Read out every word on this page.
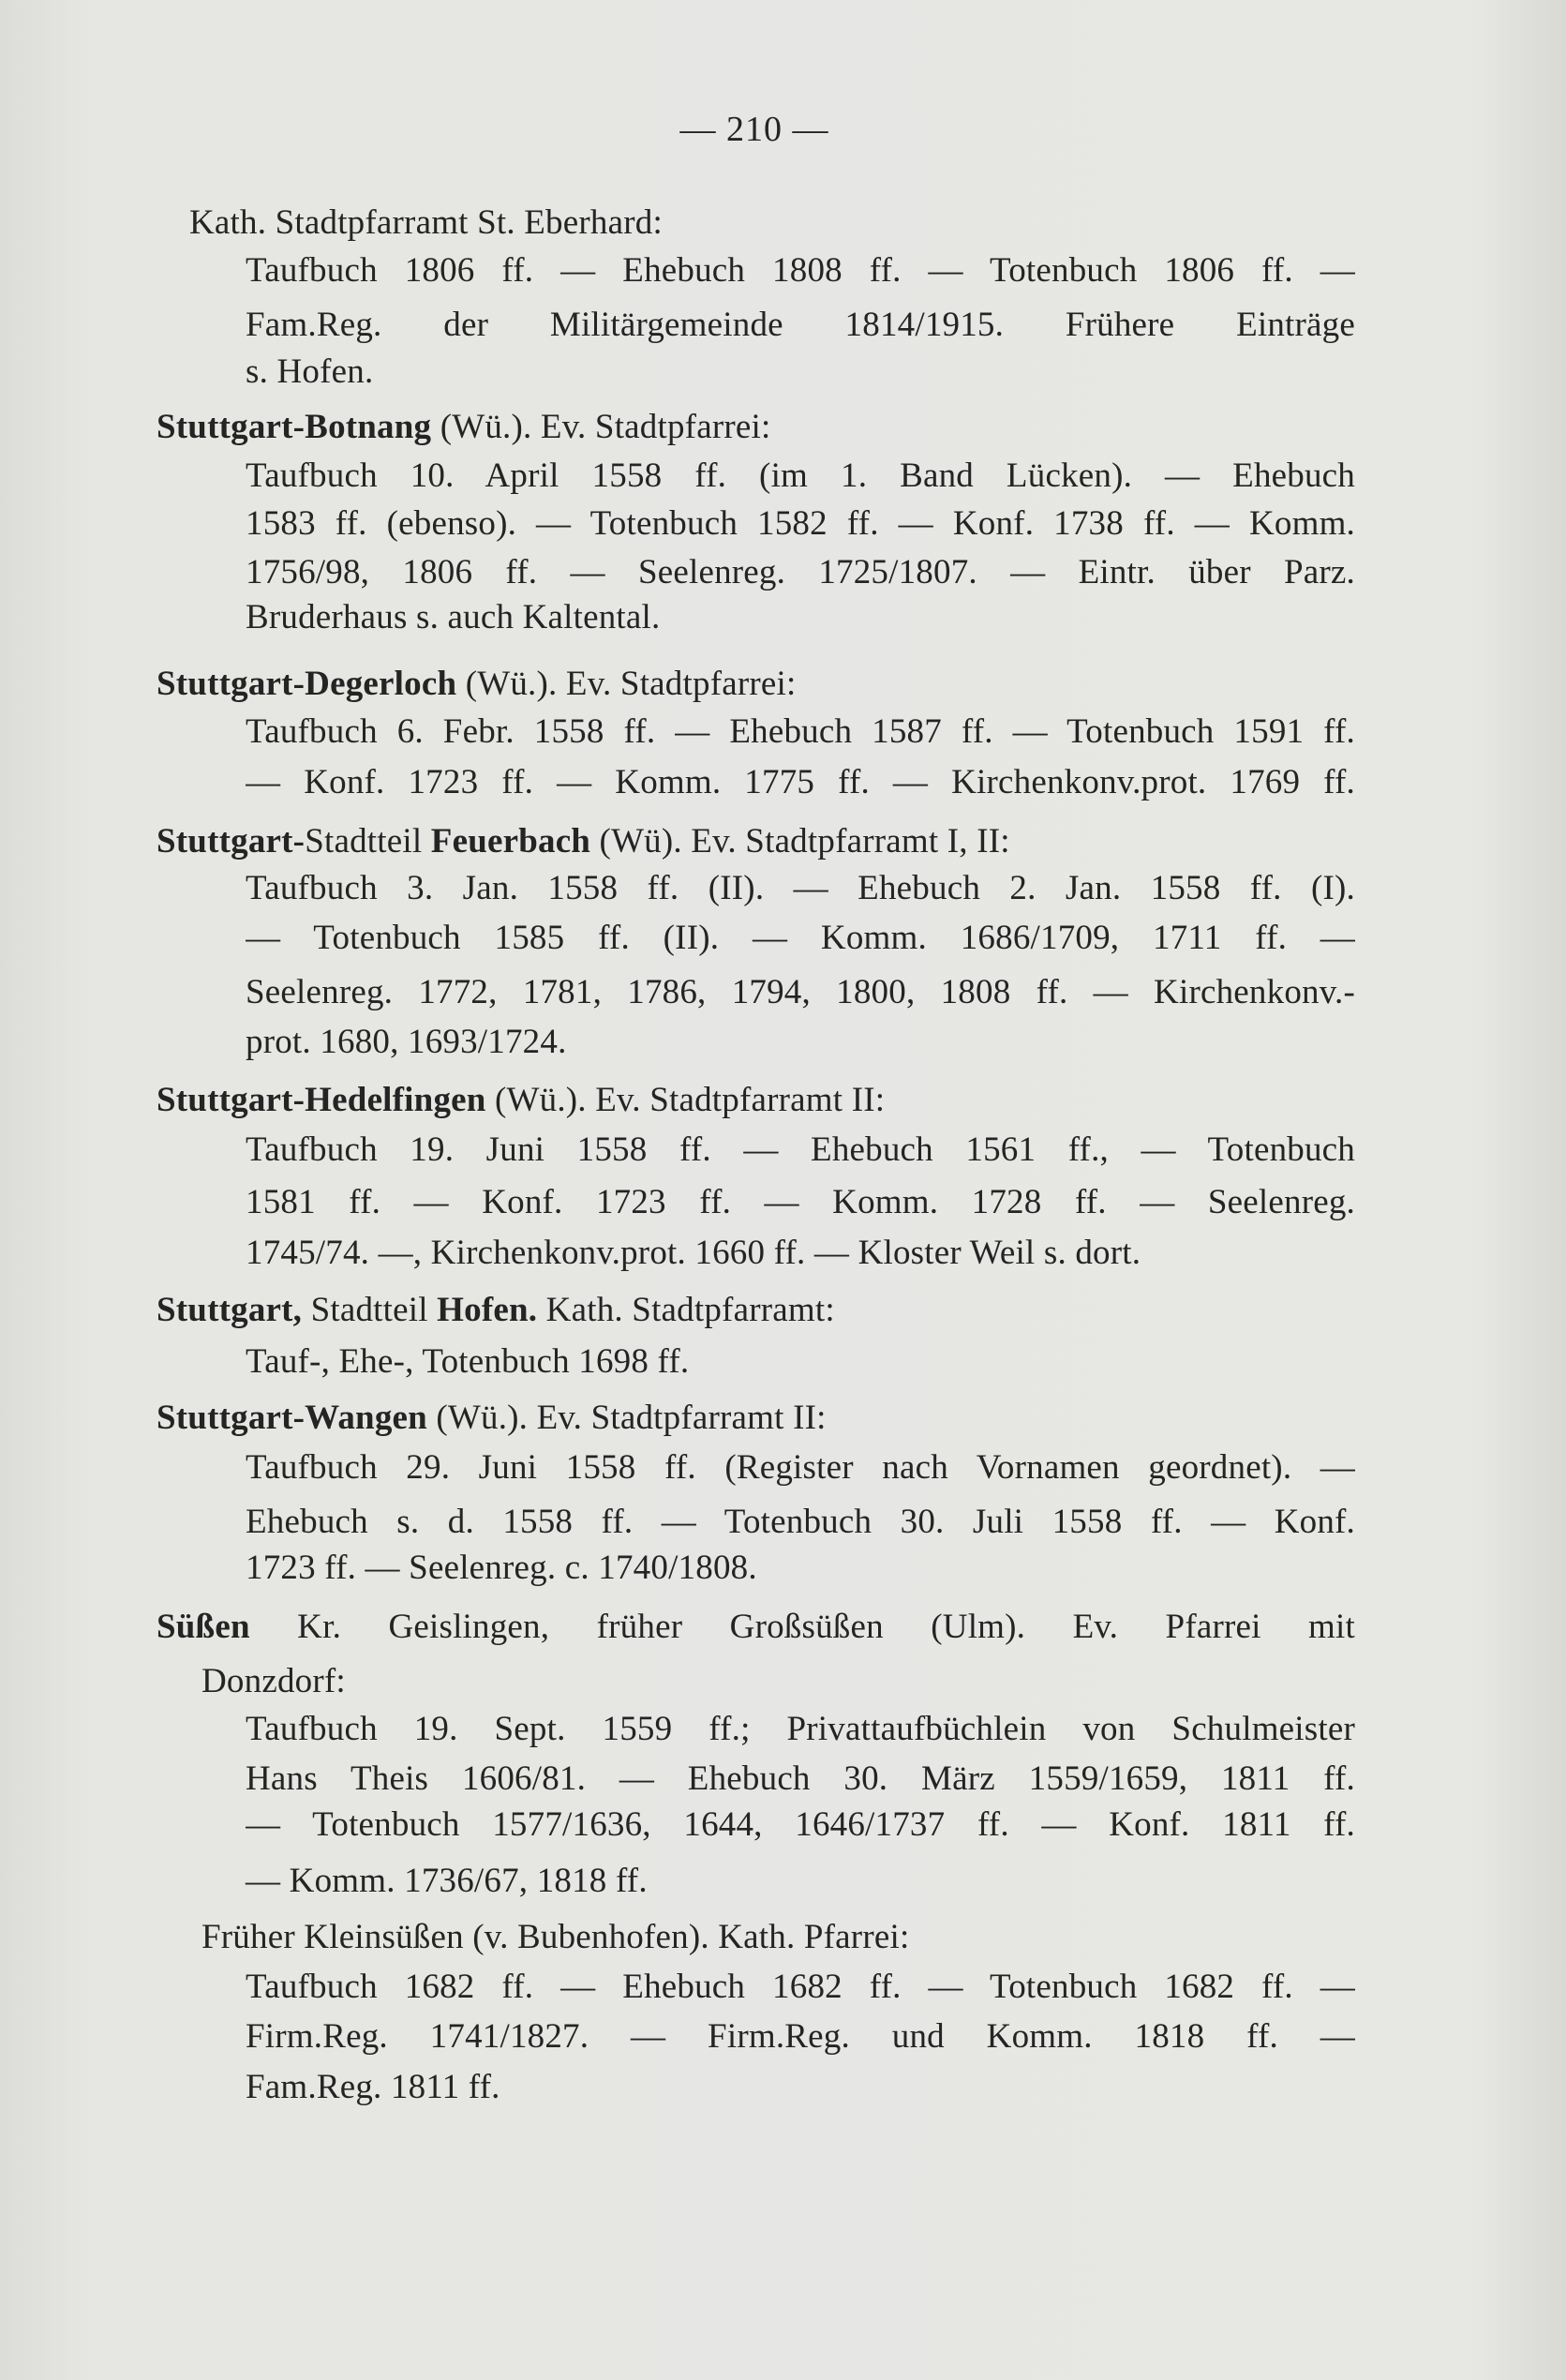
— 210 —
Kath. Stadtpfarramt St. Eberhard:
Taufbuch 1806 ff. — Ehebuch 1808 ff. — Totenbuch 1806 ff. —
Fam.Reg. der Militärgemeinde 1814/1915. Frühere Einträge
s. Hofen.
Stuttgart-Botnang (Wü.). Ev. Stadtpfarrei:
Taufbuch 10. April 1558 ff. (im 1. Band Lücken). — Ehebuch
1583 ff. (ebenso). — Totenbuch 1582 ff. — Konf. 1738 ff. — Komm.
1756/98, 1806 ff. — Seelenreg. 1725/1807. — Eintr. über Parz.
Bruderhaus s. auch Kaltental.
Stuttgart-Degerloch (Wü.). Ev. Stadtpfarrei:
Taufbuch 6. Febr. 1558 ff. — Ehebuch 1587 ff. — Totenbuch 1591 ff.
— Konf. 1723 ff. — Komm. 1775 ff. — Kirchenkonv.prot. 1769 ff.
Stuttgart-Stadtteil Feuerbach (Wü). Ev. Stadtpfarramt I, II:
Taufbuch 3. Jan. 1558 ff. (II). — Ehebuch 2. Jan. 1558 ff. (I).
— Totenbuch 1585 ff. (II). — Komm. 1686/1709, 1711 ff. —
Seelenreg. 1772, 1781, 1786, 1794, 1800, 1808 ff. — Kirchenkonv.-
prot. 1680, 1693/1724.
Stuttgart-Hedelfingen (Wü.). Ev. Stadtpfarramt II:
Taufbuch 19. Juni 1558 ff. — Ehebuch 1561 ff., — Totenbuch
1581 ff. — Konf. 1723 ff. — Komm. 1728 ff. — Seelenreg.
1745/74. —, Kirchenkonv.prot. 1660 ff. — Kloster Weil s. dort.
Stuttgart, Stadtteil Hofen. Kath. Stadtpfarramt:
Tauf-, Ehe-, Totenbuch 1698 ff.
Stuttgart-Wangen (Wü.). Ev. Stadtpfarramt II:
Taufbuch 29. Juni 1558 ff. (Register nach Vornamen geordnet). —
Ehebuch s. d. 1558 ff. — Totenbuch 30. Juli 1558 ff. — Konf.
1723 ff. — Seelenreg. c. 1740/1808.
Süßen Kr. Geislingen, früher Großsüßen (Ulm). Ev. Pfarrei mit
Donzdorf:
Taufbuch 19. Sept. 1559 ff.; Privattaufbüchlein von Schulmeister
Hans Theis 1606/81. — Ehebuch 30. März 1559/1659, 1811 ff.
— Totenbuch 1577/1636, 1644, 1646/1737 ff. — Konf. 1811 ff.
— Komm. 1736/67, 1818 ff.
Früher Kleinsüßen (v. Bubenhofen). Kath. Pfarrei:
Taufbuch 1682 ff. — Ehebuch 1682 ff. — Totenbuch 1682 ff. —
Firm.Reg. 1741/1827. — Firm.Reg. und Komm. 1818 ff. —
Fam.Reg. 1811 ff.
